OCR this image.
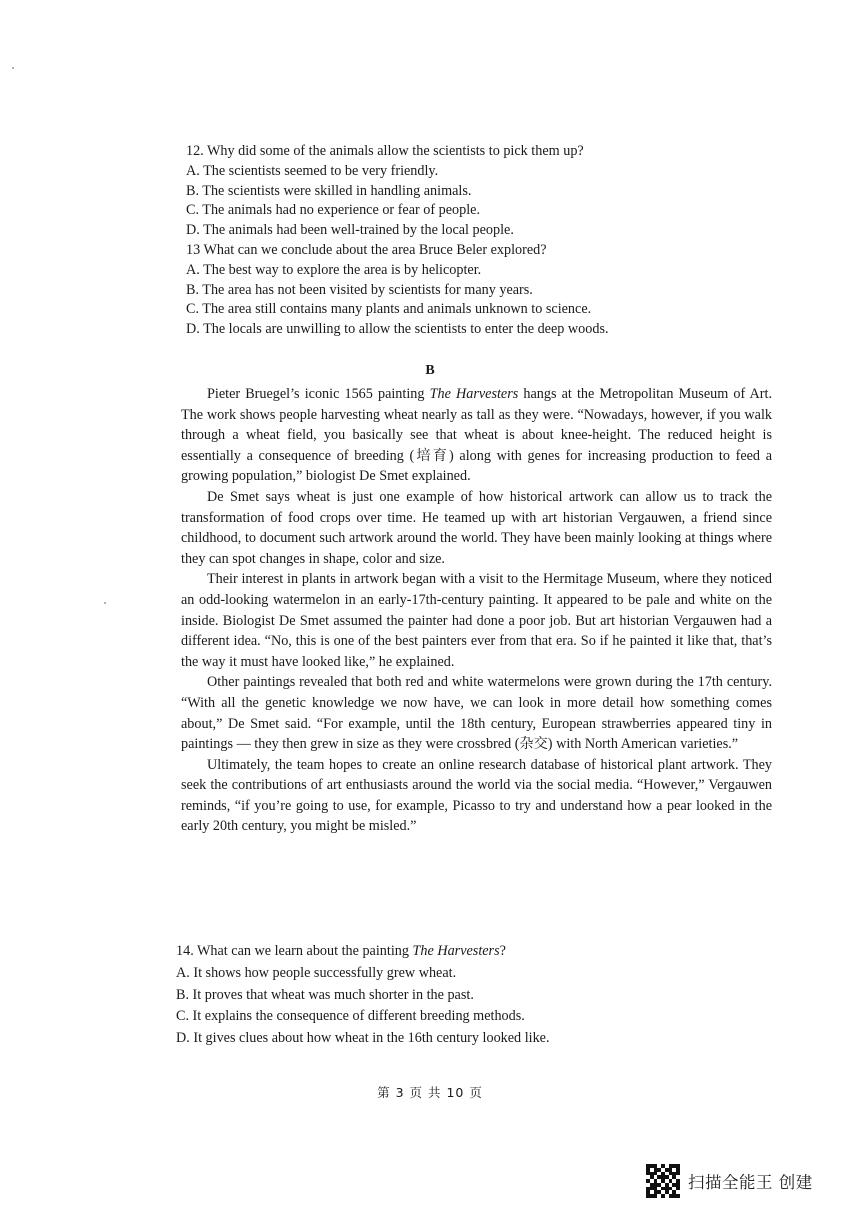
12. Why did some of the animals allow the scientists to pick them up?
A. The scientists seemed to be very friendly.
B. The scientists were skilled in handling animals.
C. The animals had no experience or fear of people.
D. The animals had been well-trained by the local people.
13 What can we conclude about the area Bruce Beler explored?
A. The best way to explore the area is by helicopter.
B. The area has not been visited by scientists for many years.
C. The area still contains many plants and animals unknown to science.
D. The locals are unwilling to allow the scientists to enter the deep woods.
B

Pieter Bruegel’s iconic 1565 painting The Harvesters hangs at the Metropolitan Museum of Art. The work shows people harvesting wheat nearly as tall as they were. “Nowadays, however, if you walk through a wheat field, you basically see that wheat is about knee-height. The reduced height is essentially a consequence of breeding (培育) along with genes for increasing production to feed a growing population,” biologist De Smet explained.

De Smet says wheat is just one example of how historical artwork can allow us to track the transformation of food crops over time. He teamed up with art historian Vergauwen, a friend since childhood, to document such artwork around the world. They have been mainly looking at things where they can spot changes in shape, color and size.

Their interest in plants in artwork began with a visit to the Hermitage Museum, where they noticed an odd-looking watermelon in an early-17th-century painting. It appeared to be pale and white on the inside. Biologist De Smet assumed the painter had done a poor job. But art historian Vergauwen had a different idea. “No, this is one of the best painters ever from that era. So if he painted it like that, that’s the way it must have looked like,” he explained.

Other paintings revealed that both red and white watermelons were grown during the 17th century. “With all the genetic knowledge we now have, we can look in more detail how something comes about,” De Smet said. “For example, until the 18th century, European strawberries appeared tiny in paintings — they then grew in size as they were crossbred (杂交) with North American varieties.”

Ultimately, the team hopes to create an online research database of historical plant artwork. They seek the contributions of art enthusiasts around the world via the social media. “However,” Vergauwen reminds, “if you’re going to use, for example, Picasso to try and understand how a pear looked in the early 20th century, you might be misled.”

14. What can we learn about the painting The Harvesters?
A. It shows how people successfully grew wheat.
B. It proves that wheat was much shorter in the past.
C. It explains the consequence of different breeding methods.
D. It gives clues about how wheat in the 16th century looked like.
第 3 页 共 10 页
扫描全能王 创建
